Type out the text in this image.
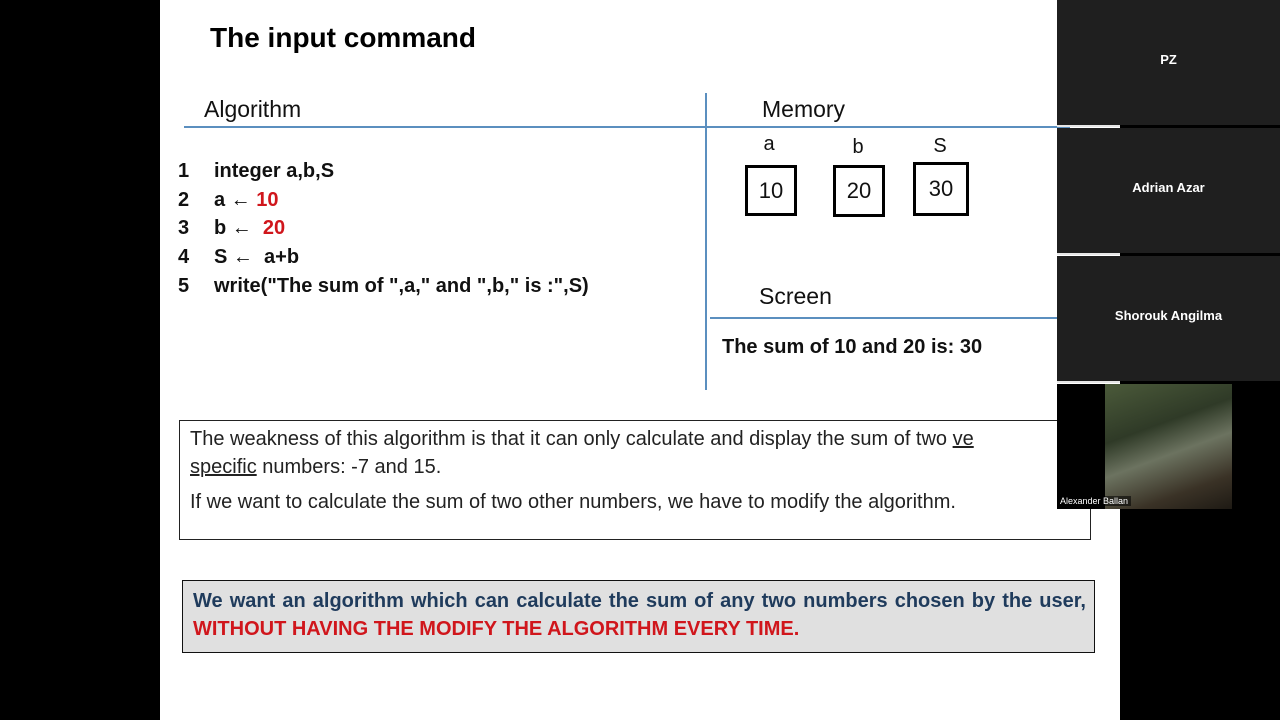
The input command
Algorithm	Memory
1 integer a,b,S
2 a ← 10
3 b ←  20
4 S ←  a+b
5 write("The sum of ",a," and ",b," is :",S)
a	b	S
10	20	30
Screen
The sum of 10 and 20 is: 30

The weakness of this algorithm is that it can only calculate and display the sum of two ve

specific numbers: -7 and 15.

If we want to calculate the sum of two other numbers, we have to modify the algorithm.

We want an algorithm which can calculate the sum of any two numbers chosen by the user, WITHOUT HAVING THE MODIFY THE ALGORITHM EVERY TIME.
PZ
Adrian Azar
Shorouk Angilma
Alexander Ballan
